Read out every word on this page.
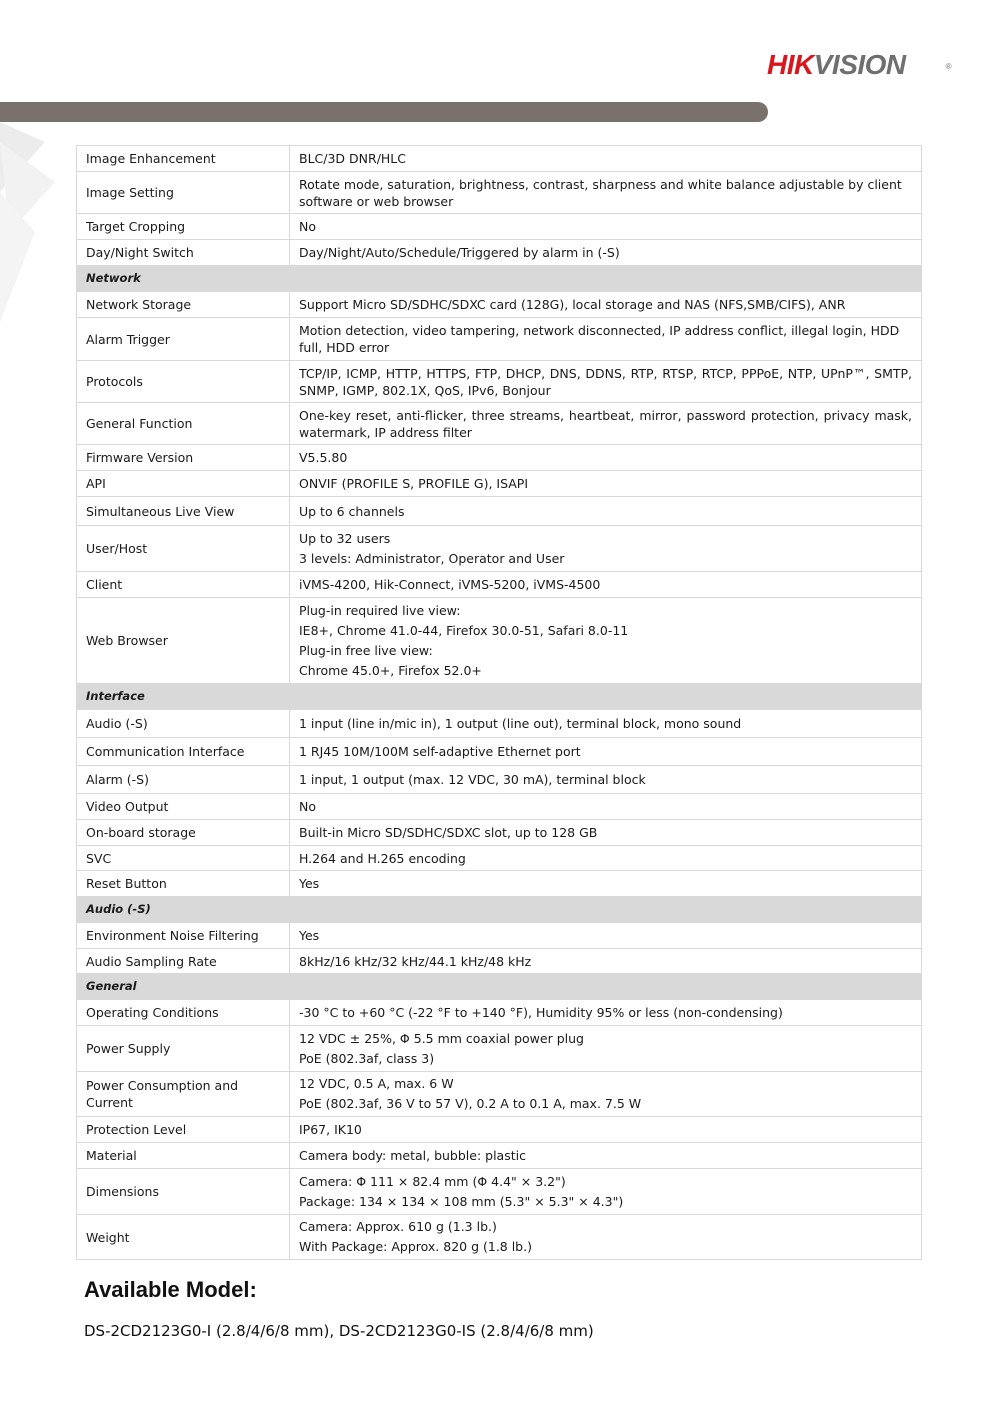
HIKVISION	®
Image Enhancement	BLC/3D DNR/HLC

Image Setting	Rotate mode, saturation, brightness, contrast, sharpness and white balance adjustable by client software or web browser

Target Cropping	No

Day/Night Switch	Day/Night/Auto/Schedule/Triggered by alarm in (-S)

Network	
Network Storage	Support Micro SD/SDHC/SDXC card (128G), local storage and NAS (NFS,SMB/CIFS), ANR

Alarm Trigger	Motion detection, video tampering, network disconnected, IP address conflict, illegal login, HDD full, HDD error

Protocols	TCP/IP, ICMP, HTTP, HTTPS, FTP, DHCP, DNS, DDNS, RTP, RTSP, RTCP, PPPoE, NTP, UPnP™, SMTP, SNMP, IGMP, 802.1X, QoS, IPv6, Bonjour

General Function	One-key reset, anti-flicker, three streams, heartbeat, mirror, password protection, privacy mask, watermark, IP address filter

Firmware Version	V5.5.80

API	ONVIF (PROFILE S, PROFILE G), ISAPI

Simultaneous Live View	Up to 6 channels

User/Host	Up to 32 users
3 levels: Administrator, Operator and User

Client	iVMS-4200, Hik-Connect, iVMS-5200, iVMS-4500

Web Browser	Plug-in required live view:
IE8+, Chrome 41.0-44, Firefox 30.0-51, Safari 8.0-11
Plug-in free live view:
Chrome 45.0+, Firefox 52.0+

Interface	
Audio (-S)	1 input (line in/mic in), 1 output (line out), terminal block, mono sound

Communication Interface	1 RJ45 10M/100M self-adaptive Ethernet port

Alarm (-S)	1 input, 1 output (max. 12 VDC, 30 mA), terminal block

Video Output	No

On-board storage	Built-in Micro SD/SDHC/SDXC slot, up to 128 GB

SVC	H.264 and H.265 encoding

Reset Button	Yes

Audio (-S)	
Environment Noise Filtering	Yes

Audio Sampling Rate	8kHz/16 kHz/32 kHz/44.1 kHz/48 kHz

General	
Operating Conditions	-30 °C to +60 °C (-22 °F to +140 °F), Humidity 95% or less (non-condensing)

Power Supply	12 VDC ± 25%, Φ 5.5 mm coaxial power plug
PoE (802.3af, class 3)

Power Consumption and Current	12 VDC, 0.5 A, max. 6 W
PoE (802.3af, 36 V to 57 V), 0.2 A to 0.1 A, max. 7.5 W

Protection Level	IP67, IK10

Material	Camera body: metal, bubble: plastic

Dimensions	Camera: Φ 111 × 82.4 mm (Φ 4.4" × 3.2")
Package: 134 × 134 × 108 mm (5.3" × 5.3" × 4.3")

Weight	Camera: Approx. 610 g (1.3 lb.)
With Package: Approx. 820 g (1.8 lb.)
Available Model:
DS-2CD2123G0-I (2.8/4/6/8 mm), DS-2CD2123G0-IS (2.8/4/6/8 mm)
